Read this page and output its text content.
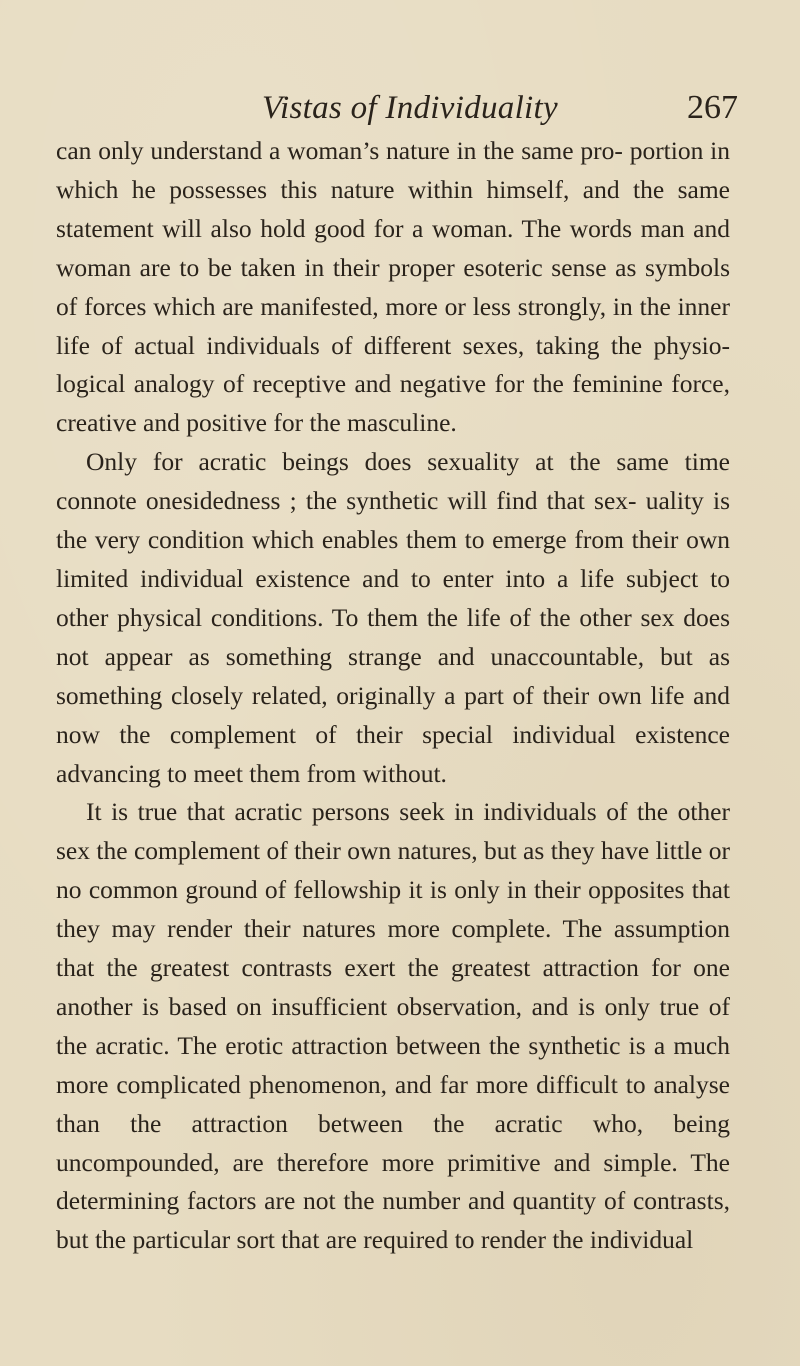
Vistas of Individuality	267

can only understand a woman’s nature in the same pro- portion in which he possesses this nature within himself, and the same statement will also hold good for a woman. The words man and woman are to be taken in their proper esoteric sense as symbols of forces which are manifested, more or less strongly, in the inner life of actual individuals of different sexes, taking the physio- logical analogy of receptive and negative for the feminine force, creative and positive for the masculine.

Only for acratic beings does sexuality at the same time connote onesidedness ; the synthetic will find that sex- uality is the very condition which enables them to emerge from their own limited individual existence and to enter into a life subject to other physical conditions. To them the life of the other sex does not appear as something strange and unaccountable, but as something closely related, originally a part of their own life and now the complement of their special individual existence advancing to meet them from without.

It is true that acratic persons seek in individuals of the other sex the complement of their own natures, but as they have little or no common ground of fellowship it is only in their opposites that they may render their natures more complete. The assumption that the greatest contrasts exert the greatest attraction for one another is based on insufficient observation, and is only true of the acratic. The erotic attraction between the synthetic is a much more complicated phenomenon, and far more difficult to analyse than the attraction between the acratic who, being uncompounded, are therefore more primitive and simple. The determining factors are not the number and quantity of contrasts, but the particular sort that are required to render the individual
